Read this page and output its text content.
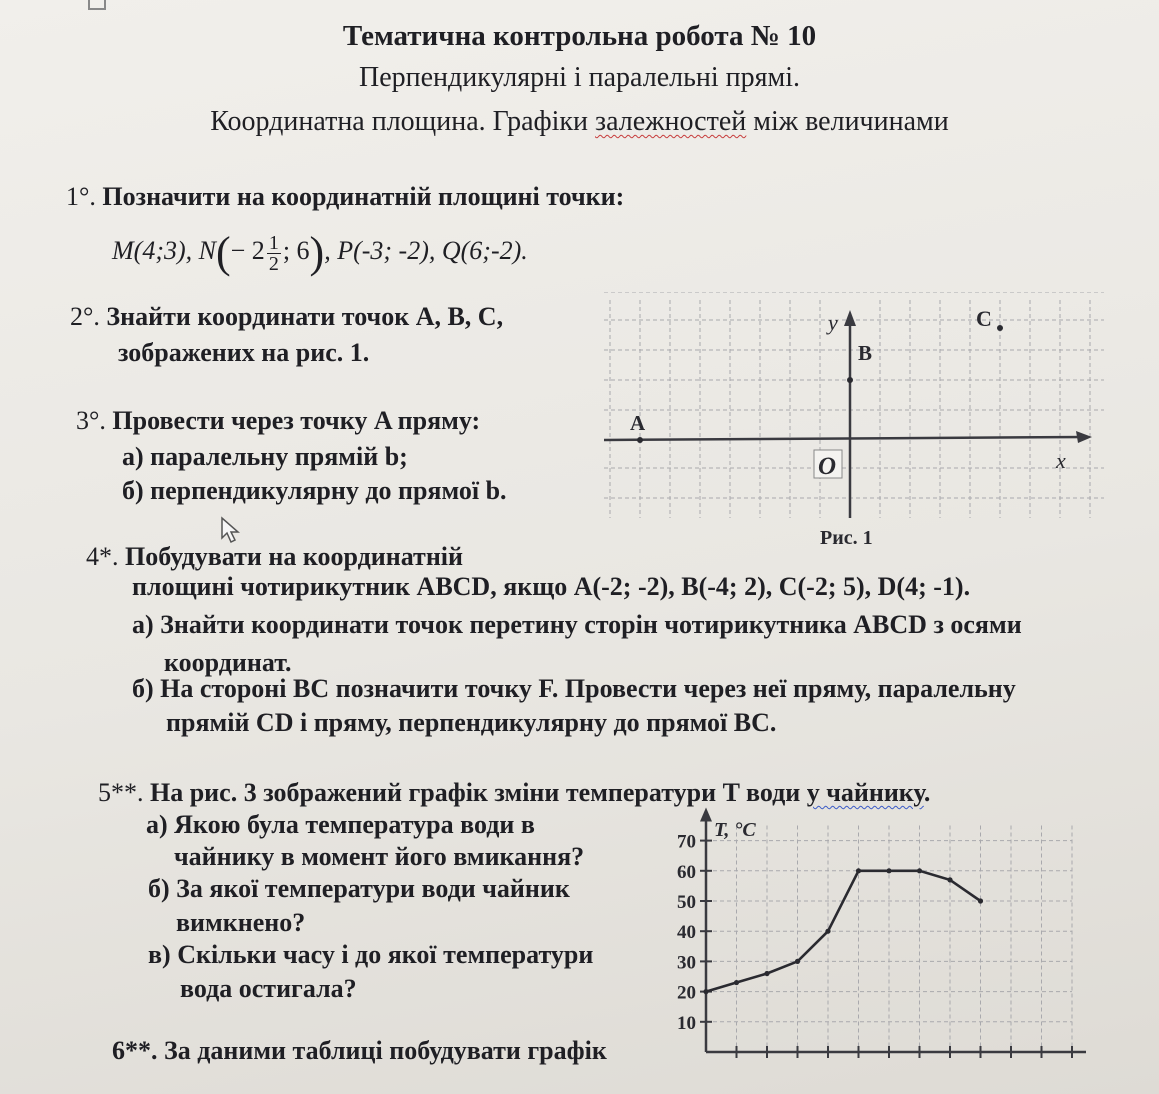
Тематична контрольна робота № 10
Перпендикулярні і паралельні прямі.
Координатна площина. Графіки залежностей між величинами
1°. Позначити на координатній площині точки:
M(4;3), $N(- 2 \frac{1}{2}$ ; 6), P(-3; -2), Q(6;-2).
2°. Знайти координати точок A, B, C,
зображених на рис. 1.
3°. Провести через точку A пряму:
а) паралельну прямій b;
б) перпендикулярну до прямої b.
O
y
x
B
C
A
Рис. 1
4*. Побудувати на координатній
площині чотирикутник ABCD, якщо A(-2; -2), B(-4; 2), C(-2; 5), D(4; -1).
а) Знайти координати точок перетину сторін чотирикутника ABCD з осями
координат.
б) На стороні BC позначити точку F. Провести через неї пряму, паралельну
прямій CD і пряму, перпендикулярну до прямої BC.
5**. На рис. 3 зображений графік зміни температури T води у чайнику.
а) Якою була температура води в
чайнику в момент його вмикання?
б) За якої температури води чайник
вимкнено?
в) Скільки часу і до якої температури
вода остигала?
6**. За даними таблиці побудувати графік
10
20
30
40
50
60
70
T, °C
